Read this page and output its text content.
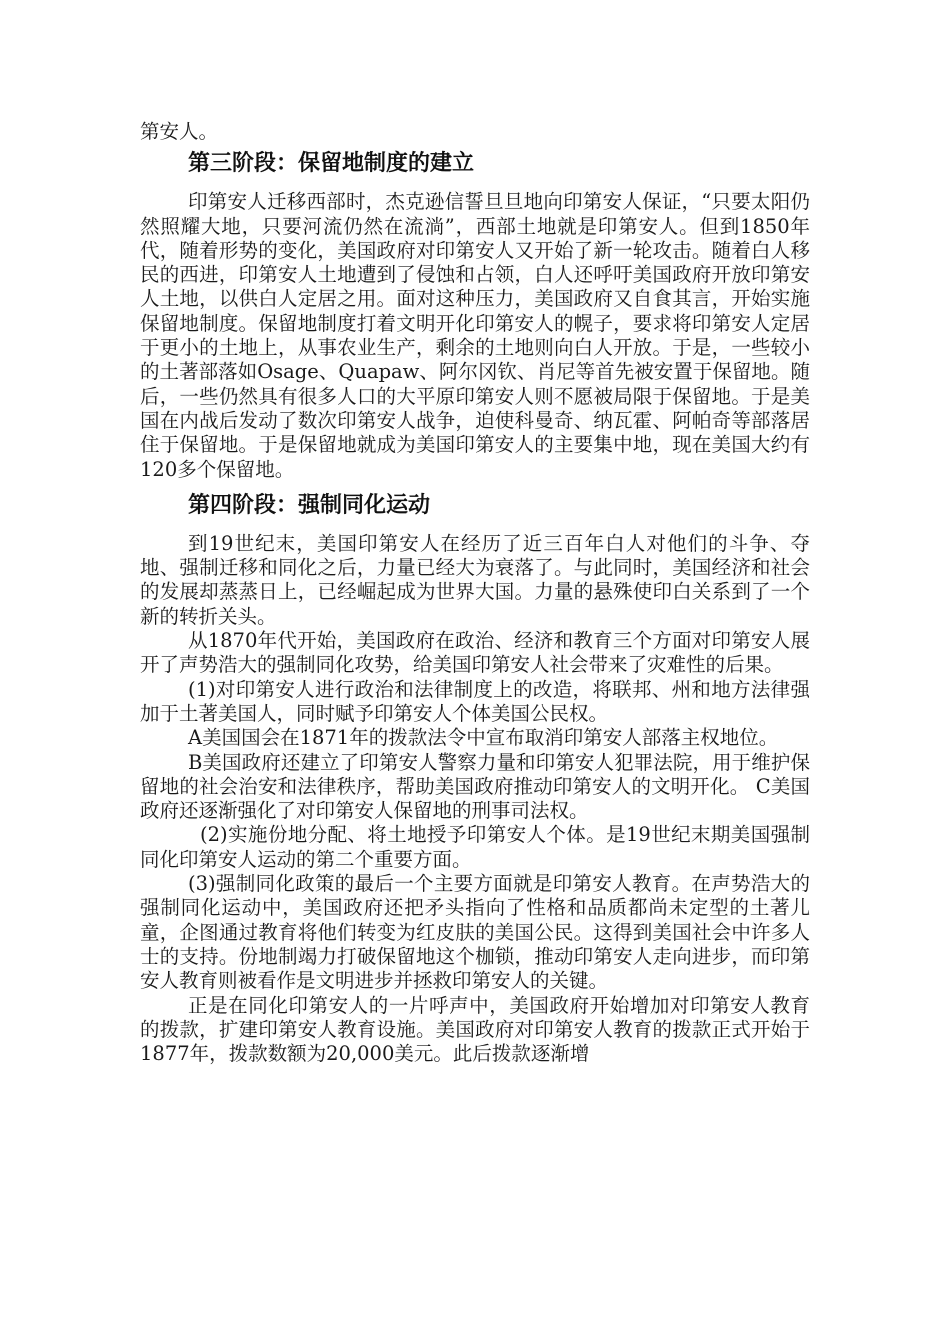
第安人。

第三阶段：保留地制度的建立

印第安人迁移西部时，杰克逊信誓旦旦地向印第安人保证，“只要太阳仍然照耀大地，只要河流仍然在流淌”，西部土地就是印第安人。但到1850年代，随着形势的变化，美国政府对印第安人又开始了新一轮攻击。随着白人移民的西进，印第安人土地遭到了侵蚀和占领，白人还呼吁美国政府开放印第安人土地，以供白人定居之用。面对这种压力，美国政府又自食其言，开始实施保留地制度。保留地制度打着文明开化印第安人的幌子，要求将印第安人定居于更小的土地上，从事农业生产，剩余的土地则向白人开放。于是，一些较小的土著部落如Osage、Quapaw、阿尔冈钦、肖尼等首先被安置于保留地。随后，一些仍然具有很多人口的大平原印第安人则不愿被局限于保留地。于是美国在内战后发动了数次印第安人战争，迫使科曼奇、纳瓦霍、阿帕奇等部落居住于保留地。于是保留地就成为美国印第安人的主要集中地，现在美国大约有120多个保留地。

第四阶段：强制同化运动

到19世纪末，美国印第安人在经历了近三百年白人对他们的斗争、夺地、强制迁移和同化之后，力量已经大为衰落了。与此同时，美国经济和社会的发展却蒸蒸日上，已经崛起成为世界大国。力量的悬殊使印白关系到了一个新的转折关头。

从1870年代开始，美国政府在政治、经济和教育三个方面对印第安人展开了声势浩大的强制同化攻势，给美国印第安人社会带来了灾难性的后果。

(1)对印第安人进行政治和法律制度上的改造，将联邦、州和地方法律强加于土著美国人，同时赋予印第安人个体美国公民权。

A美国国会在1871年的拨款法令中宣布取消印第安人部落主权地位。

B美国政府还建立了印第安人警察力量和印第安人犯罪法院，用于维护保留地的社会治安和法律秩序，帮助美国政府推动印第安人的文明开化。 C美国政府还逐渐强化了对印第安人保留地的刑事司法权。

(2)实施份地分配、将土地授予印第安人个体。是19世纪末期美国强制同化印第安人运动的第二个重要方面。

(3)强制同化政策的最后一个主要方面就是印第安人教育。在声势浩大的强制同化运动中，美国政府还把矛头指向了性格和品质都尚未定型的土著儿童，企图通过教育将他们转变为红皮肤的美国公民。这得到美国社会中许多人士的支持。份地制竭力打破保留地这个枷锁，推动印第安人走向进步，而印第安人教育则被看作是文明进步并拯救印第安人的关键。

正是在同化印第安人的一片呼声中，美国政府开始增加对印第安人教育的拨款，扩建印第安人教育设施。美国政府对印第安人教育的拨款正式开始于1877年，拨款数额为20,000美元。此后拨款逐渐增
